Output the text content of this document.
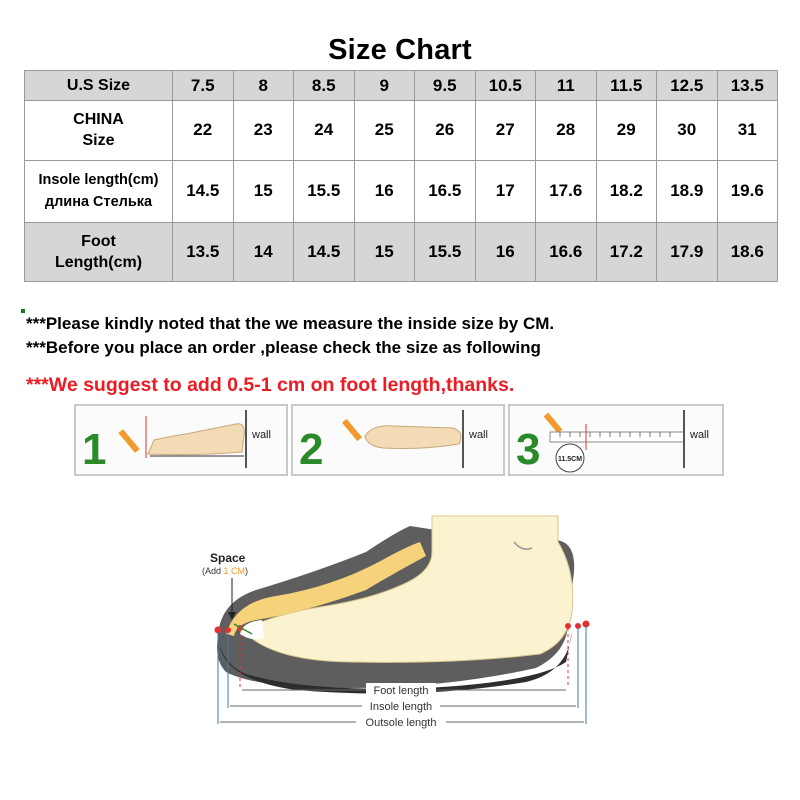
Size Chart
U.S Size	7.5	8	8.5	9	9.5	10.5	11	11.5	12.5	13.5
CHINA
Size	22	23	24	25	26	27	28	29	30	31
Insole length(cm)
длина Стелька	14.5	15	15.5	16	16.5	17	17.6	18.2	18.9	19.6
Foot
Length(cm)	13.5	14	14.5	15	15.5	16	16.6	17.2	17.9	18.6
***Please kindly noted that the we measure the inside size by CM.
***Before you place an order ,please check the size as following
***We suggest to add 0.5-1 cm on foot length,thanks.
1	wall 2	wall 3 11.5CM
wall
Space
(Add 1 CM)
Foot length
Insole length
Outsole length
